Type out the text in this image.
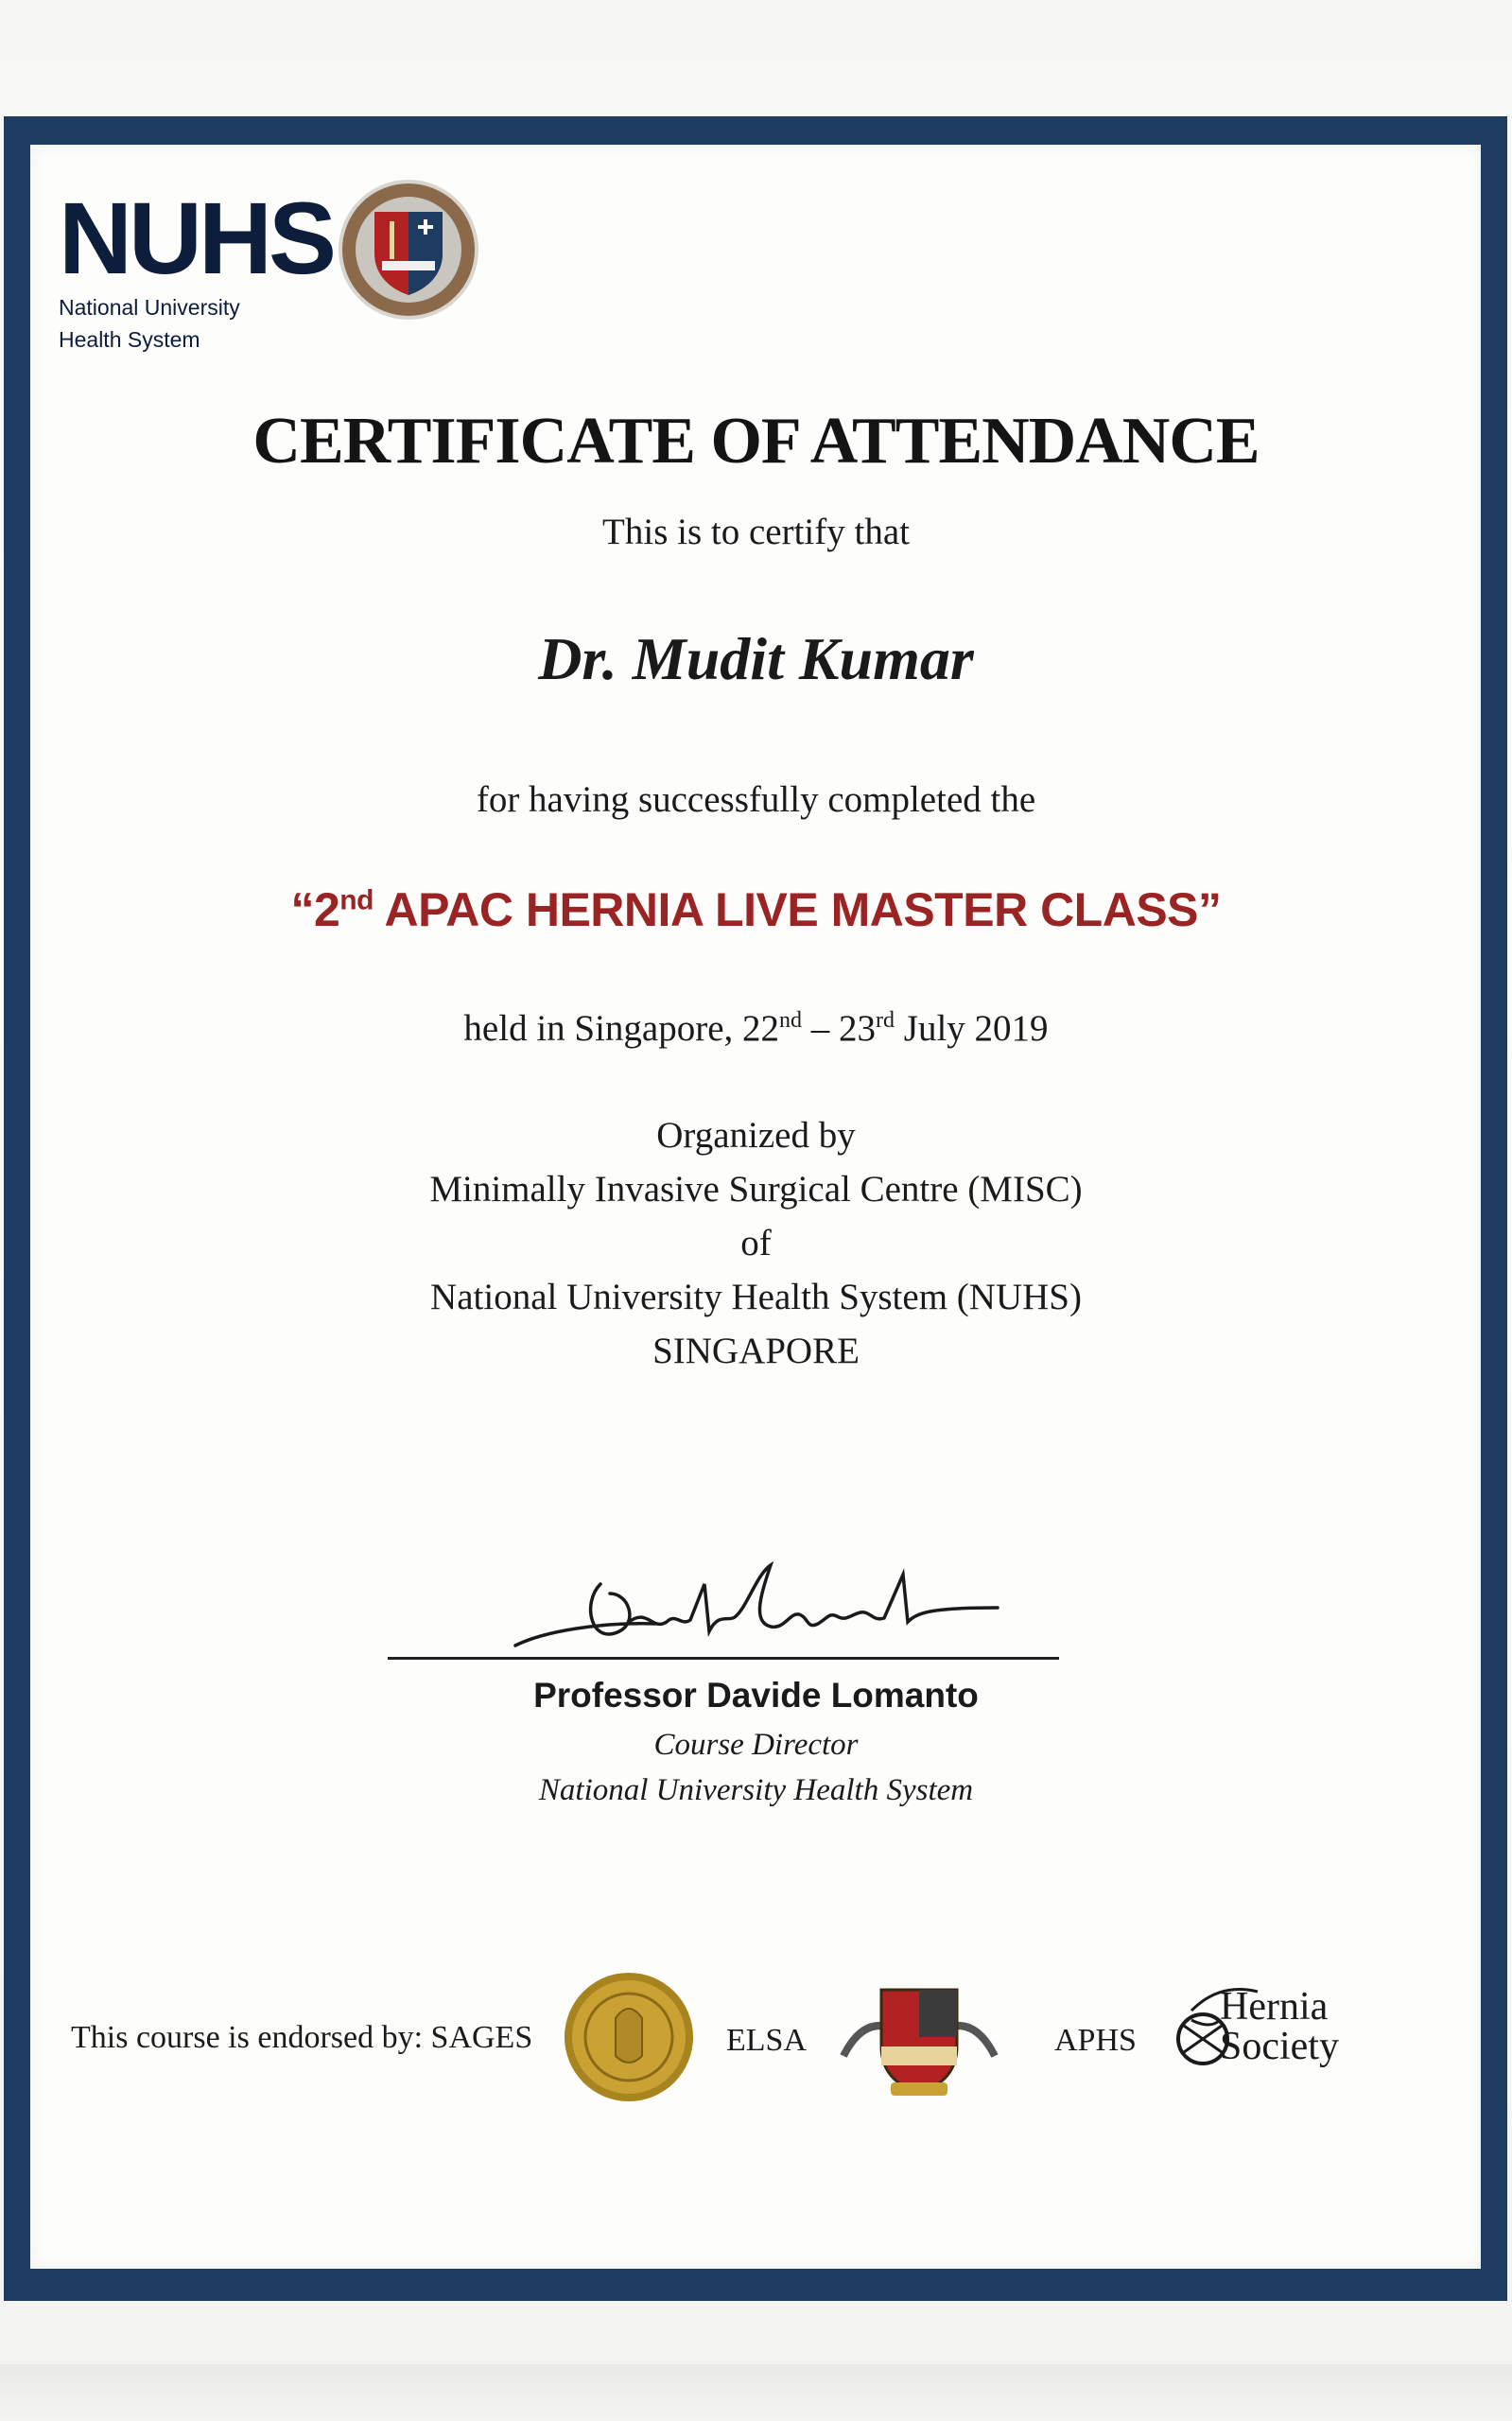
NUHS
National University
Health System
CERTIFICATE OF ATTENDANCE
This is to certify that
Dr. Mudit Kumar
for having successfully completed the
“2nd APAC HERNIA LIVE MASTER CLASS”
held in Singapore, 22nd – 23rd July 2019
Organized by
Minimally Invasive Surgical Centre (MISC)
of
National University Health System (NUHS)
SINGAPORE
Professor Davide Lomanto
Course Director
National University Health System
This course is endorsed by: SAGES	ELSA	APHS
Hernia
Society
